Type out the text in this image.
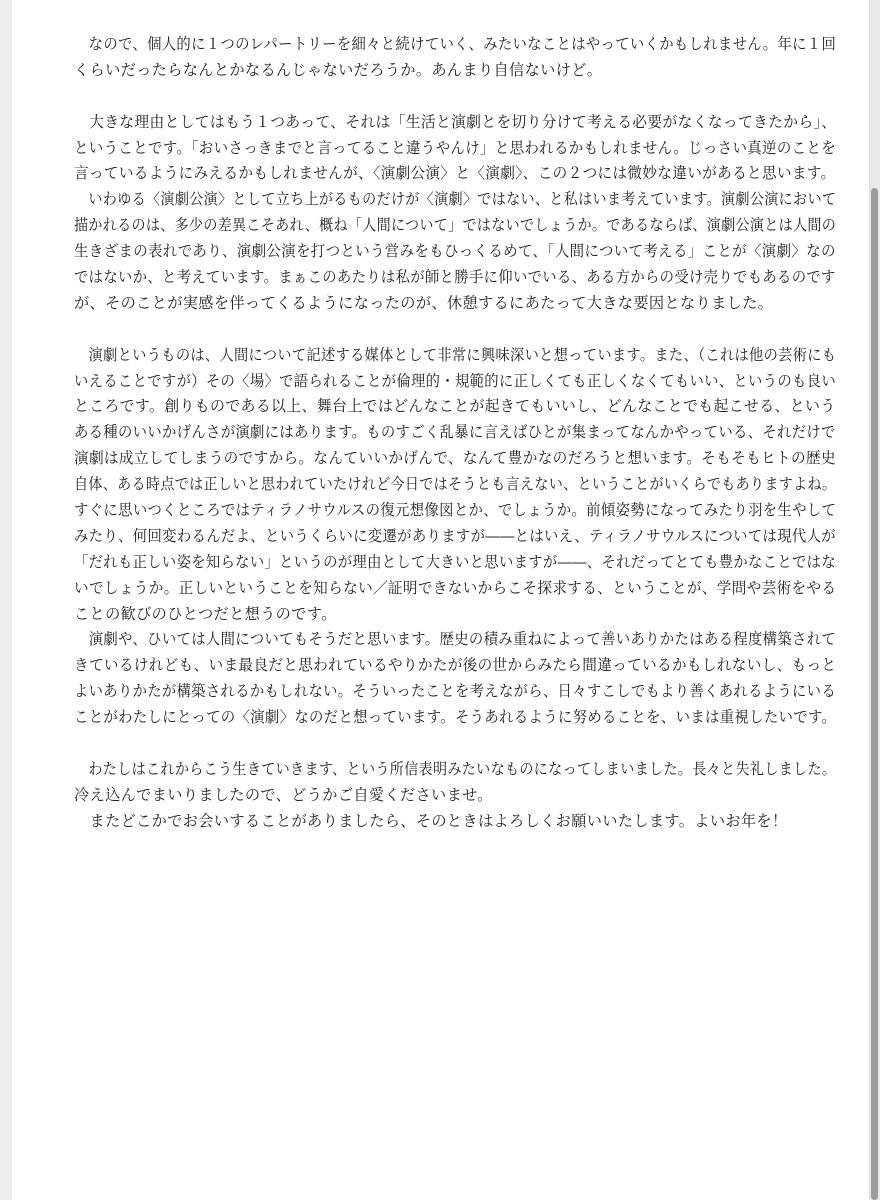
　なので、個人的に１つのレパートリーを細々と続けていく、みたいなことはやっていくかもしれません。年に１回
くらいだったらなんとかなるんじゃないだろうか。あんまり自信ないけど。
　大きな理由としてはもう１つあって、それは「生活と演劇とを切り分けて考える必要がなくなってきたから」、
ということです。「おいさっきまでと言ってること違うやんけ」と思われるかもしれません。じっさい真逆のことを
言っているようにみえるかもしれませんが、〈演劇公演〉と〈演劇〉、この２つには微妙な違いがあると思います。
　いわゆる〈演劇公演〉として立ち上がるものだけが〈演劇〉ではない、と私はいま考えています。演劇公演において
描かれるのは、多少の差異こそあれ、概ね「人間について」ではないでしょうか。であるならば、演劇公演とは人間の
生きざまの表れであり、演劇公演を打つという営みをもひっくるめて、「人間について考える」ことが〈演劇〉なの
ではないか、と考えています。まぁこのあたりは私が師と勝手に仰いでいる、ある方からの受け売りでもあるのです
が、そのことが実感を伴ってくるようになったのが、休憩するにあたって大きな要因となりました。
　演劇というものは、人間について記述する媒体として非常に興味深いと想っています。また、（これは他の芸術にも
いえることですが）その〈場〉で語られることが倫理的・規範的に正しくても正しくなくてもいい、というのも良い
ところです。創りものである以上、舞台上ではどんなことが起きてもいいし、どんなことでも起こせる、という
ある種のいいかげんさが演劇にはあります。ものすごく乱暴に言えばひとが集まってなんかやっている、それだけで
演劇は成立してしまうのですから。なんていいかげんで、なんて豊かなのだろうと想います。そもそもヒトの歴史
自体、ある時点では正しいと思われていたけれど今日ではそうとも言えない、ということがいくらでもありますよね。
すぐに思いつくところではティラノサウルスの復元想像図とか、でしょうか。前傾姿勢になってみたり羽を生やして
みたり、何回変わるんだよ、というくらいに変遷がありますが――とはいえ、ティラノサウルスについては現代人が
「だれも正しい姿を知らない」というのが理由として大きいと思いますが――、それだってとても豊かなことではな
いでしょうか。正しいということを知らない／証明できないからこそ探求する、ということが、学問や芸術をやる
ことの歓びのひとつだと想うのです。
　演劇や、ひいては人間についてもそうだと思います。歴史の積み重ねによって善いありかたはある程度構築されて
きているけれども、いま最良だと思われているやりかたが後の世からみたら間違っているかもしれないし、もっと
よいありかたが構築されるかもしれない。そういったことを考えながら、日々すこしでもより善くあれるようにいる
ことがわたしにとっての〈演劇〉なのだと想っています。そうあれるように努めることを、いまは重視したいです。
　わたしはこれからこう生きていきます、という所信表明みたいなものになってしまいました。長々と失礼しました。
冷え込んでまいりましたので、どうかご自愛くださいませ。
　またどこかでお会いすることがありましたら、そのときはよろしくお願いいたします。よいお年を！
